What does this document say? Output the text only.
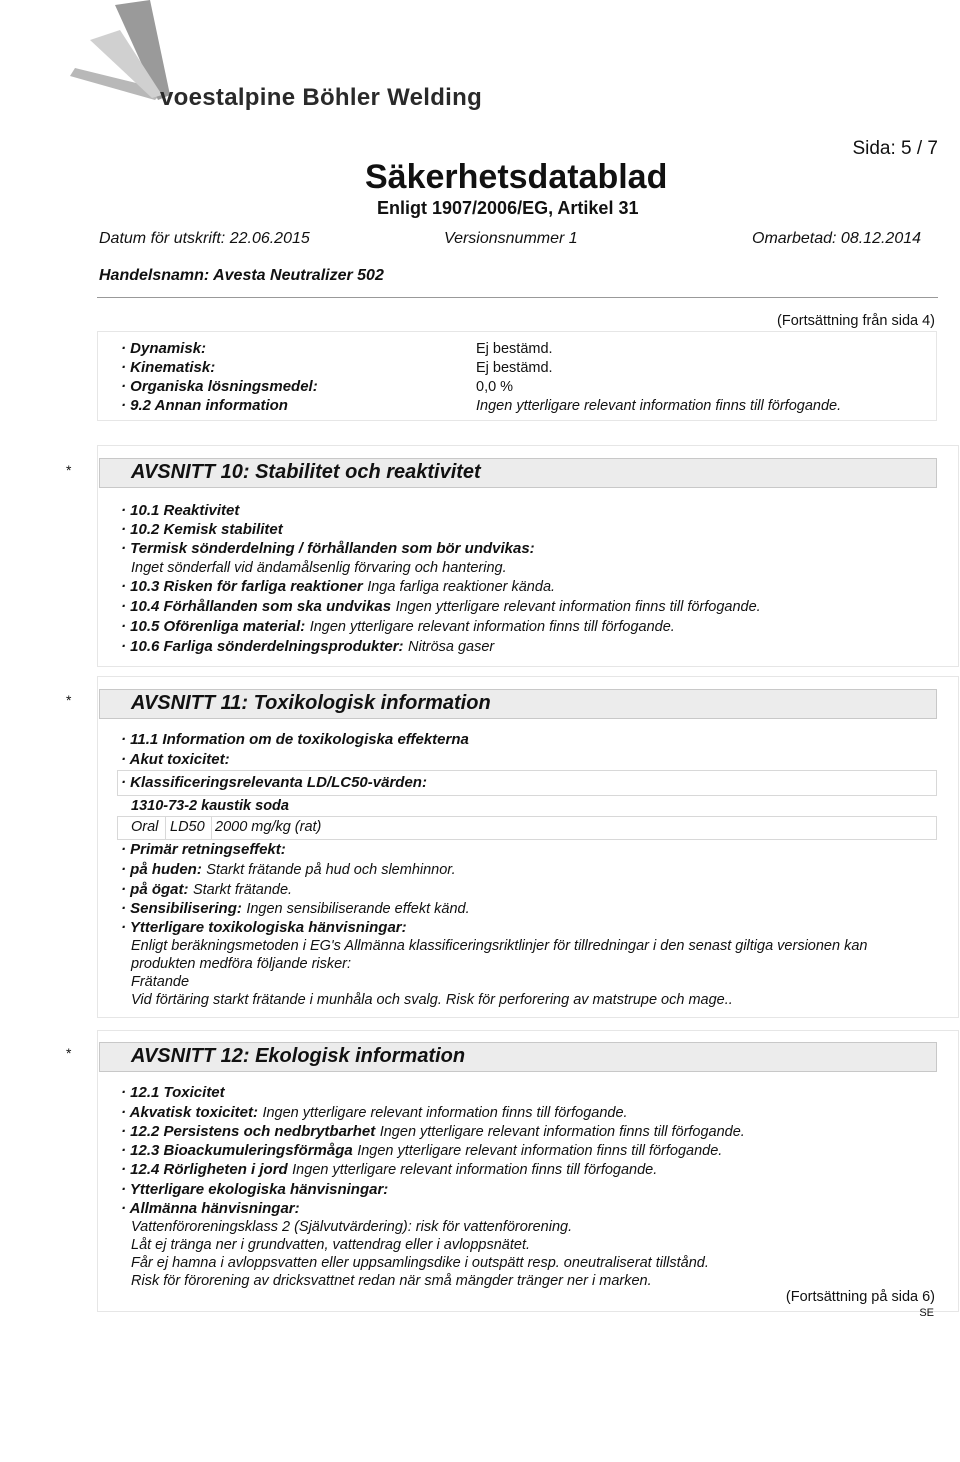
voestalpine Böhler Welding
Sida: 5 / 7
Säkerhetsdatablad
Enligt 1907/2006/EG, Artikel 31
Datum för utskrift: 22.06.2015	Versionsnummer 1	Omarbetad: 08.12.2014
Handelsnamn: Avesta Neutralizer 502
(Fortsättning från sida 4)
· Dynamisk:	Ej bestämd.
· Kinematisk:	Ej bestämd.
· Organiska lösningsmedel:	0,0 %
· 9.2 Annan information	Ingen ytterligare relevant information finns till förfogande.
*	AVSNITT 10: Stabilitet och reaktivitet
· 10.1 Reaktivitet
· 10.2 Kemisk stabilitet
· Termisk sönderdelning / förhållanden som bör undvikas:
Inget sönderfall vid ändamålsenlig förvaring och hantering.
· 10.3 Risken för farliga reaktioner Inga farliga reaktioner kända.
· 10.4 Förhållanden som ska undvikas Ingen ytterligare relevant information finns till förfogande.
· 10.5 Oförenliga material: Ingen ytterligare relevant information finns till förfogande.
· 10.6 Farliga sönderdelningsprodukter: Nitrösa gaser
*	AVSNITT 11: Toxikologisk information
· 11.1 Information om de toxikologiska effekterna
· Akut toxicitet:
· Klassificeringsrelevanta LD/LC50-värden:
1310-73-2 kaustik soda
Oral LD50 2000 mg/kg (rat)
· Primär retningseffekt:
· på huden: Starkt frätande på hud och slemhinnor.
· på ögat: Starkt frätande.
· Sensibilisering: Ingen sensibiliserande effekt känd.
· Ytterligare toxikologiska hänvisningar:
Enligt beräkningsmetoden i EG's Allmänna klassificeringsriktlinjer för tillredningar i den senast giltiga versionen kan
produkten medföra följande risker:
Frätande
Vid förtäring starkt frätande i munhåla och svalg. Risk för perforering av matstrupe och mage..
*	AVSNITT 12: Ekologisk information
· 12.1 Toxicitet
· Akvatisk toxicitet: Ingen ytterligare relevant information finns till förfogande.
· 12.2 Persistens och nedbrytbarhet Ingen ytterligare relevant information finns till förfogande.
· 12.3 Bioackumuleringsförmåga Ingen ytterligare relevant information finns till förfogande.
· 12.4 Rörligheten i jord Ingen ytterligare relevant information finns till förfogande.
· Ytterligare ekologiska hänvisningar:
· Allmänna hänvisningar:
Vattenföroreningsklass 2 (Självutvärdering): risk för vattenförorening.
Låt ej tränga ner i grundvatten, vattendrag eller i avloppsnätet.
Får ej hamna i avloppsvatten eller uppsamlingsdike i outspätt resp. oneutraliserat tillstånd.
Risk för förorening av dricksvattnet redan när små mängder tränger ner i marken.
(Fortsättning på sida 6)
SE
